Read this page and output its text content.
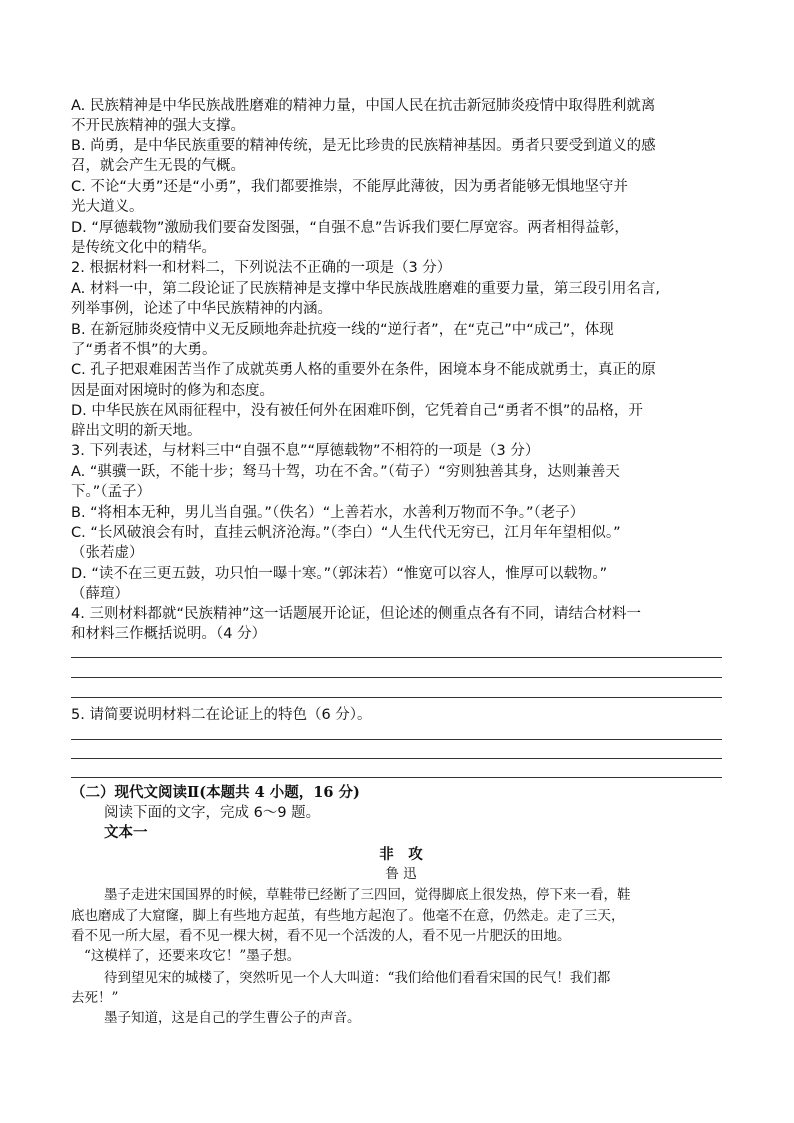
A. 民族精神是中华民族战胜磨难的精神力量，中国人民在抗击新冠肺炎疫情中取得胜利就离
不开民族精神的强大支撑。
B. 尚勇，是中华民族重要的精神传统，是无比珍贵的民族精神基因。勇者只要受到道义的感
召，就会产生无畏的气概。
C. 不论“大勇”还是“小勇”，我们都要推崇，不能厚此薄彼，因为勇者能够无惧地坚守并
光大道义。
D. “厚德载物”激励我们要奋发图强，“自强不息”告诉我们要仁厚宽容。两者相得益彰，
是传统文化中的精华。
2. 根据材料一和材料二，下列说法不正确的一项是（3 分）
A. 材料一中，第二段论证了民族精神是支撑中华民族战胜磨难的重要力量，第三段引用名言,
列举事例，论述了中华民族精神的内涵。
B. 在新冠肺炎疫情中义无反顾地奔赴抗疫一线的“逆行者”，在“克己”中“成己”，体现
了“勇者不惧”的大勇。
C. 孔子把艰难困苦当作了成就英勇人格的重要外在条件，困境本身不能成就勇士，真正的原
因是面对困境时的修为和态度。
D. 中华民族在风雨征程中，没有被任何外在困难吓倒，它凭着自己“勇者不惧”的品格，开
辟出文明的新天地。
3. 下列表述，与材料三中“自强不息”“厚德载物”不相符的一项是（3 分）
A. “骐骥一跃，不能十步；驽马十驾，功在不舍。”（荀子）“穷则独善其身，达则兼善天
下。”（孟子）
B. “将相本无种，男儿当自强。”（佚名）“上善若水，水善利万物而不争。”（老子）
C. “长风破浪会有时，直挂云帆济沧海。”（李白）“人生代代无穷已，江月年年望相似。”
（张若虚）
D. “读不在三更五鼓，功只怕一曝十寒。”（郭沫若）“惟宽可以容人，惟厚可以载物。”
（薛瑄）
4. 三则材料都就“民族精神”这一话题展开论证，但论述的侧重点各有不同，请结合材料一
和材料三作概括说明。（4 分）
5. 请简要说明材料二在论证上的特色（6 分）。
（二）现代文阅读Ⅱ(本题共 4 小题，16 分)
阅读下面的文字，完成 6～9 题。
文本一
非　攻
鲁 迅
墨子走进宋国国界的时候，草鞋带已经断了三四回，觉得脚底上很发热，停下来一看，鞋
底也磨成了大窟窿，脚上有些地方起茧，有些地方起泡了。他毫不在意，仍然走。走了三天，
看不见一所大屋，看不见一棵大树，看不见一个活泼的人，看不见一片肥沃的田地。
“这模样了，还要来攻它！”墨子想。
待到望见宋的城楼了，突然听见一个人大叫道：“我们给他们看看宋国的民气！我们都
去死！”
墨子知道，这是自己的学生曹公子的声音。
